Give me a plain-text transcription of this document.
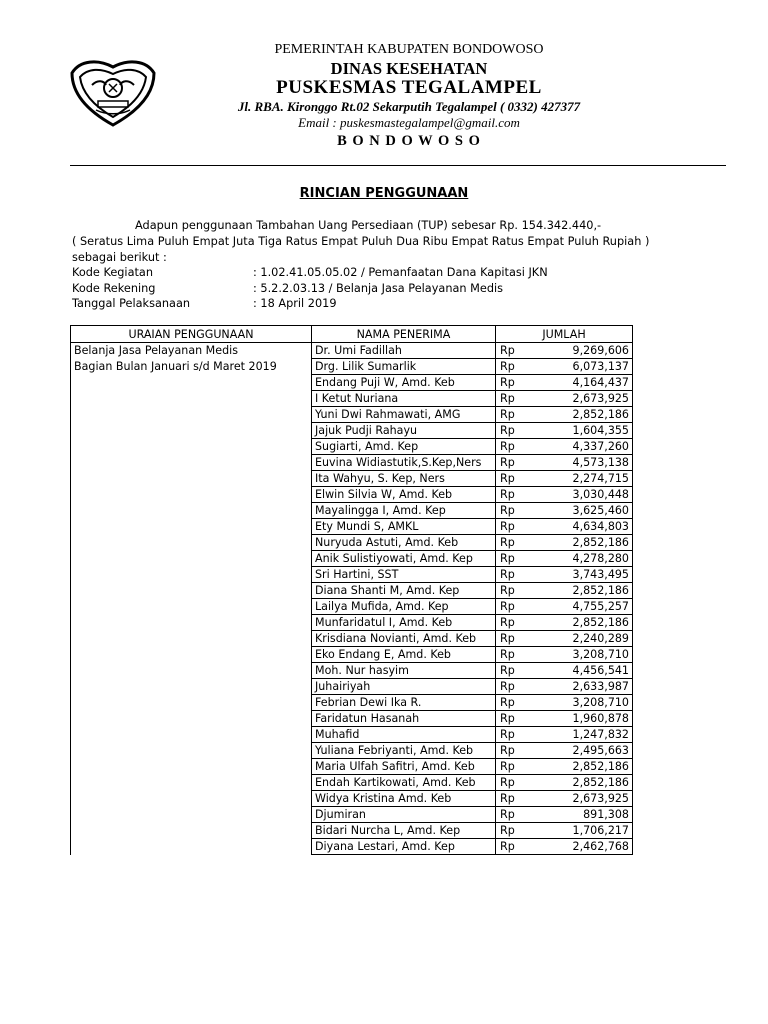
PEMERINTAH KABUPATEN BONDOWOSO
DINAS KESEHATAN
PUSKESMAS TEGALAMPEL
Jl. RBA. Kironggo Rt.02 Sekarputih Tegalampel ( 0332) 427377
Email : puskesmastegalampel@gmail.com
B O N D O W O S O
RINCIAN PENGGUNAAN
Adapun penggunaan Tambahan Uang Persediaan (TUP) sebesar Rp. 154.342.440,-
( Seratus Lima Puluh Empat Juta Tiga Ratus Empat Puluh Dua Ribu Empat Ratus Empat Puluh Rupiah )
sebagai berikut :
Kode Kegiatan	: 1.02.41.05.05.02 / Pemanfaatan Dana Kapitasi JKN
Kode Rekening	: 5.2.2.03.13 / Belanja Jasa Pelayanan Medis
Tanggal Pelaksanaan	: 18 April 2019
URAIAN PENGGUNAAN	NAMA PENERIMA	JUMLAH	

Belanja Jasa Pelayanan Medis
Bagian Bulan Januari s/d Maret 2019	Dr. Umi Fadillah	Rp	9,269,606
	Drg. Lilik Sumarlik	Rp	6,073,137
	Endang Puji W, Amd. Keb	Rp	4,164,437
	I Ketut Nuriana	Rp	2,673,925
	Yuni Dwi Rahmawati, AMG	Rp	2,852,186
	Jajuk Pudji Rahayu	Rp	1,604,355
	Sugiarti, Amd. Kep	Rp	4,337,260
	Euvina Widiastutik,S.Kep,Ners	Rp	4,573,138
	Ita Wahyu, S. Kep, Ners	Rp	2,274,715
	Elwin Silvia W, Amd. Keb	Rp	3,030,448
	Mayalingga I, Amd. Kep	Rp	3,625,460
	Ety Mundi S, AMKL	Rp	4,634,803
	Nuryuda Astuti, Amd. Keb	Rp	2,852,186
	Anik Sulistiyowati, Amd. Kep	Rp	4,278,280
	Sri Hartini, SST	Rp	3,743,495
	Diana Shanti M, Amd. Kep	Rp	2,852,186
	Lailya Mufida, Amd. Kep	Rp	4,755,257
	Munfaridatul I, Amd. Keb	Rp	2,852,186
	Krisdiana Novianti, Amd. Keb	Rp	2,240,289
	Eko Endang E, Amd. Keb	Rp	3,208,710
	Moh. Nur hasyim	Rp	4,456,541
	Juhairiyah	Rp	2,633,987
	Febrian Dewi Ika R.	Rp	3,208,710
	Faridatun Hasanah	Rp	1,960,878
	Muhafid	Rp	1,247,832
	Yuliana Febriyanti, Amd. Keb	Rp	2,495,663
	Maria Ulfah Safitri, Amd. Keb	Rp	2,852,186
	Endah Kartikowati, Amd. Keb	Rp	2,852,186
	Widya Kristina Amd. Keb	Rp	2,673,925
	Djumiran	Rp	891,308
	Bidari Nurcha L, Amd. Kep	Rp	1,706,217
	Diyana Lestari, Amd. Kep	Rp	2,462,768
